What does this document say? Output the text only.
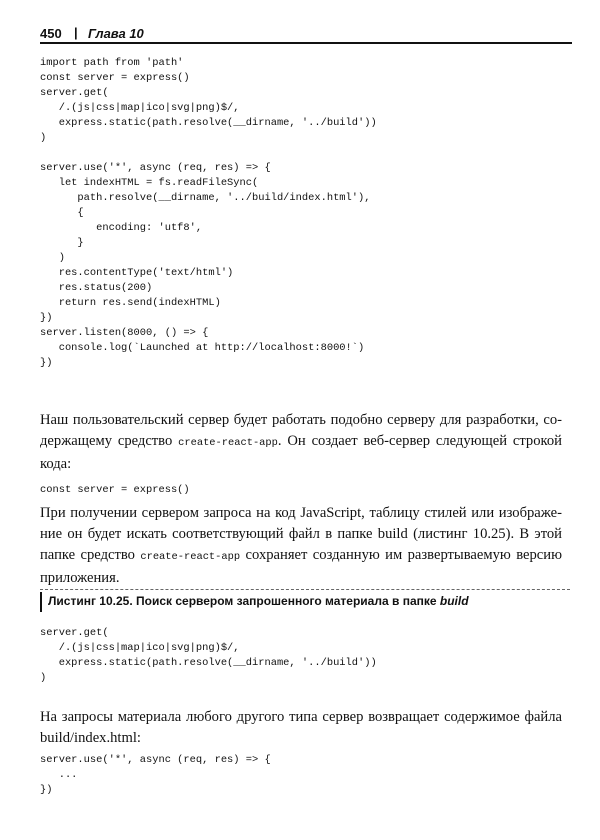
450 | Глава 10
import path from 'path'
const server = express()
server.get(
/.(js|css|map|ico|svg|png)$/,
express.static(path.resolve(__dirname, '../build'))
)
server.use('*', async (req, res) => {
let indexHTML = fs.readFileSync(
path.resolve(__dirname, '../build/index.html'),
{
encoding: 'utf8',
}
)
res.contentType('text/html')
res.status(200)
return res.send(indexHTML)
})
server.listen(8000, () => {
console.log(`Launched at http://localhost:8000!`)
})
Наш пользовательский сервер будет работать подобно серверу для разработки, со-
держащему средство create-react-app. Он создает веб-сервер следующей строкой
кода:
const server = express()
При получении сервером запроса на код JavaScript, таблицу стилей или изображе-
ние он будет искать соответствующий файл в папке build (листинг 10.25). В этой
папке средство create-react-app сохраняет созданную им развертываемую версию
приложения.
Листинг 10.25. Поиск сервером запрошенного материала в папке build
server.get(
/.(js|css|map|ico|svg|png)$/,
express.static(path.resolve(__dirname, '../build'))
)
На запросы материала любого другого типа сервер возвращает содержимое файла
build/index.html:
server.use('*', async (req, res) => {
...
})
